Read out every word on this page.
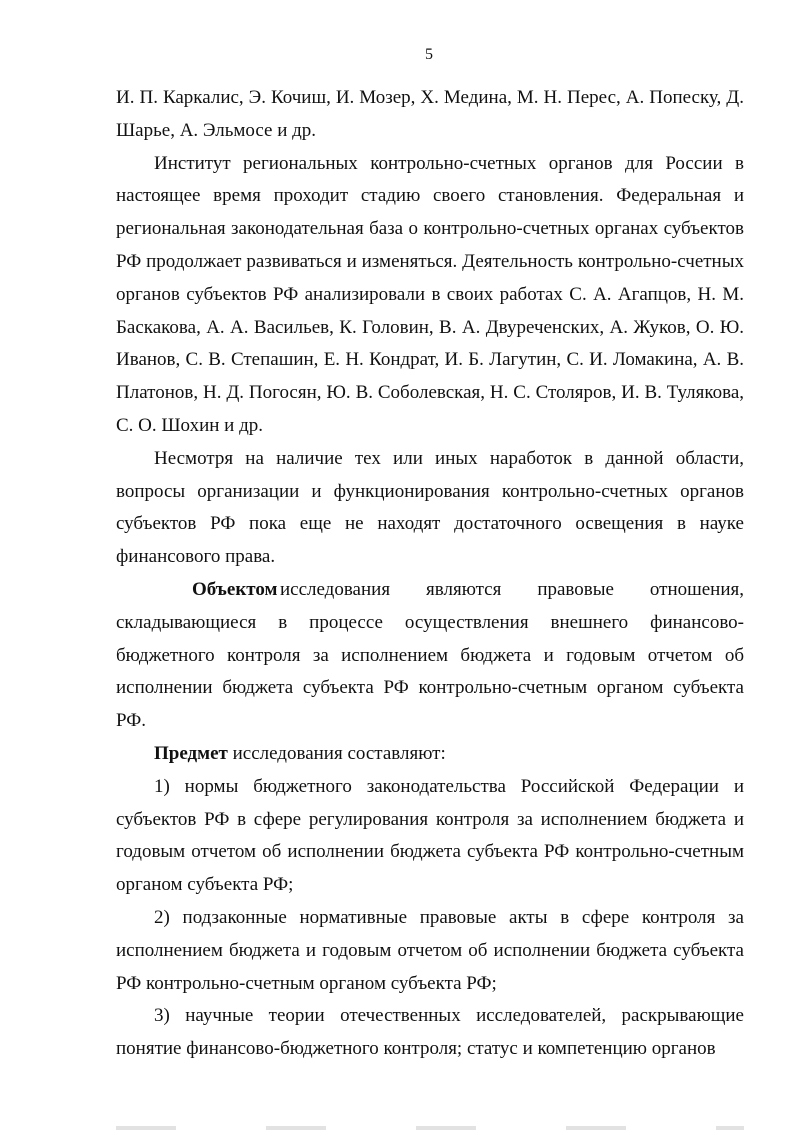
5

И. П. Каркалис, Э. Кочиш, И. Мозер, Х. Медина, М. Н. Перес, А. Попеску, Д. Шарье, А. Эльмосе и др.

Институт региональных контрольно-счетных органов для России в настоящее время проходит стадию своего становления. Федеральная и региональная законодательная база о контрольно-счетных органах субъектов РФ продолжает развиваться и изменяться. Деятельность контрольно-счетных органов субъектов РФ анализировали в своих работах С. А. Агапцов, Н. М. Баскакова, А. А. Васильев, К. Головин, В. А. Двуреченских, А. Жуков, О. Ю. Иванов, С. В. Степашин, Е. Н. Кондрат, И. Б. Лагутин, С. И. Ломакина, А. В. Платонов, Н. Д. Погосян, Ю. В. Соболевская, Н. С. Столяров, И. В. Тулякова, С. О. Шохин и др.

Несмотря на наличие тех или иных наработок в данной области, вопросы организации и функционирования контрольно-счетных органов субъектов РФ пока еще не находят достаточного освещения в науке финансового права.

Объектом исследования являются правовые отношения, складывающиеся в процессе осуществления внешнего финансово-бюджетного контроля за исполнением бюджета и годовым отчетом об исполнении бюджета субъекта РФ контрольно-счетным органом субъекта РФ.

Предмет исследования составляют:

1) нормы бюджетного законодательства Российской Федерации и субъектов РФ в сфере регулирования контроля за исполнением бюджета и годовым отчетом об исполнении бюджета субъекта РФ контрольно-счетным органом субъекта РФ;

2) подзаконные нормативные правовые акты в сфере контроля за исполнением бюджета и годовым отчетом об исполнении бюджета субъекта РФ контрольно-счетным органом субъекта РФ;

3) научные теории отечественных исследователей, раскрывающие понятие финансово-бюджетного контроля; статус и компетенцию органов
